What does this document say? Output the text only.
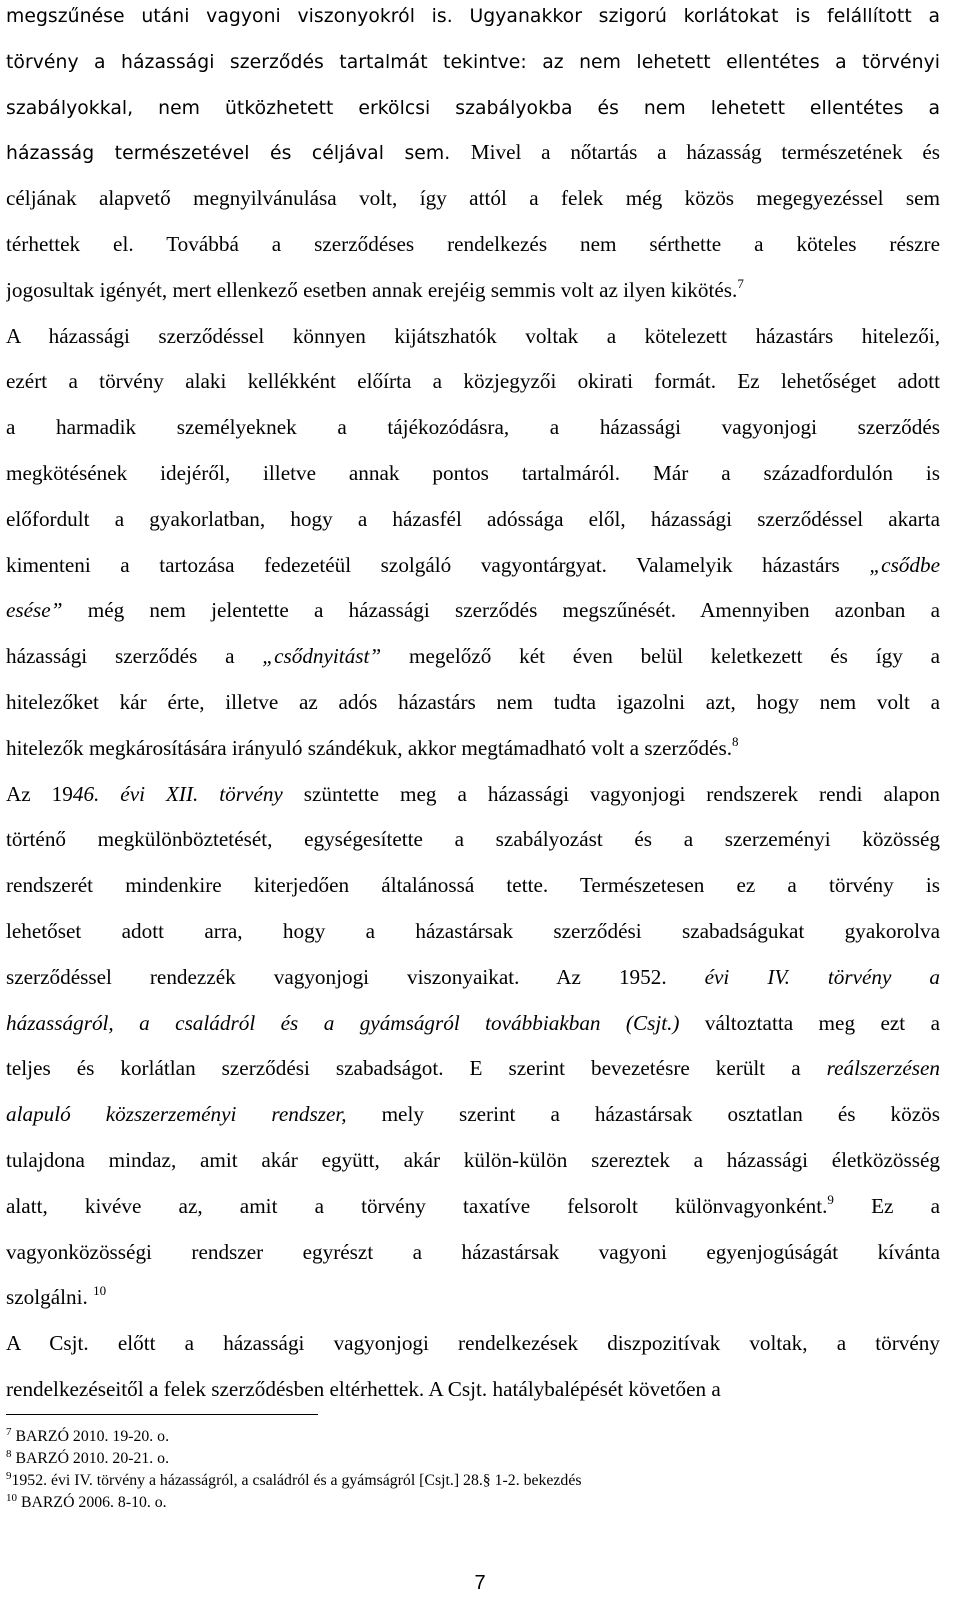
megszűnése utáni vagyoni viszonyokról is. Ugyanakkor szigorú korlátokat is felállított a
törvény a házassági szerződés tartalmát tekintve: az nem lehetett ellentétes a törvényi
szabályokkal, nem ütközhetett erkölcsi szabályokba és nem lehetett ellentétes a
házasság természetével és céljával sem. Mivel a nőtartás a házasság természetének és
céljának alapvető megnyilvánulása volt, így attól a felek még közös megegyezéssel sem
térhettek el. Továbbá a szerződéses rendelkezés nem sérthette a köteles részre
jogosultak igényét, mert ellenkező esetben annak erejéig semmis volt az ilyen kikötés.$^7$
A házassági szerződéssel könnyen kijátszhatók voltak a kötelezett házastárs hitelezői,
ezért a törvény alaki kellékként előírta a közjegyzői okirati formát. Ez lehetőséget adott
a harmadik személyeknek a tájékozódásra, a házassági vagyonjogi szerződés
megkötésének idejéről, illetve annak pontos tartalmáról. Már a századfordulón is
előfordult a gyakorlatban, hogy a házasfél adóssága elől, házassági szerződéssel akarta
kimenteni a tartozása fedezetéül szolgáló vagyontárgyat. Valamelyik házastárs „csődbe
esése” még nem jelentette a házassági szerződés megszűnését. Amennyiben azonban a
házassági szerződés a „csődnyitást” megelőző két éven belül keletkezett és így a
hitelezőket kár érte, illetve az adós házastárs nem tudta igazolni azt, hogy nem volt a
hitelezők megkárosítására irányuló szándékuk, akkor megtámadható volt a szerződés.$^8$
Az 1946. évi XII. törvény szüntette meg a házassági vagyonjogi rendszerek rendi alapon
történő megkülönböztetését, egységesítette a szabályozást és a szerzeményi közösség
rendszerét mindenkire kiterjedően általánossá tette. Természetesen ez a törvény is
lehetőset adott arra, hogy a házastársak szerződési szabadságukat gyakorolva
szerződéssel rendezzék vagyonjogi viszonyaikat. Az 1952. évi IV. törvény a
házasságról, a családról és a gyámságról továbbiakban (Csjt.) változtatta meg ezt a
teljes és korlátlan szerződési szabadságot. E szerint bevezetésre került a reálszerzésen
alapuló közszerzeményi rendszer, mely szerint a házastársak osztatlan és közös
tulajdona mindaz, amit akár együtt, akár külön-külön szereztek a házassági életközösség
alatt, kivéve az, amit a törvény taxatíve felsorolt különvagyonként.$^9$ Ez a
vagyonközösségi rendszer egyrészt a házastársak vagyoni egyenjogúságát kívánta
szolgálni. $^{10}$
A Csjt. előtt a házassági vagyonjogi rendelkezések diszpozitívak voltak, a törvény
rendelkezéseitől a felek szerződésben eltérhettek. A Csjt. hatálybalépését követően a
$^7$ BARZÓ 2010. 19-20. o.
$^8$ BARZÓ 2010. 20-21. o.
$^9$1952. évi IV. törvény a házasságról, a családról és a gyámságról [Csjt.] 28.§ 1-2. bekezdés
$^{10}$ BARZÓ 2006. 8-10. o.
7
